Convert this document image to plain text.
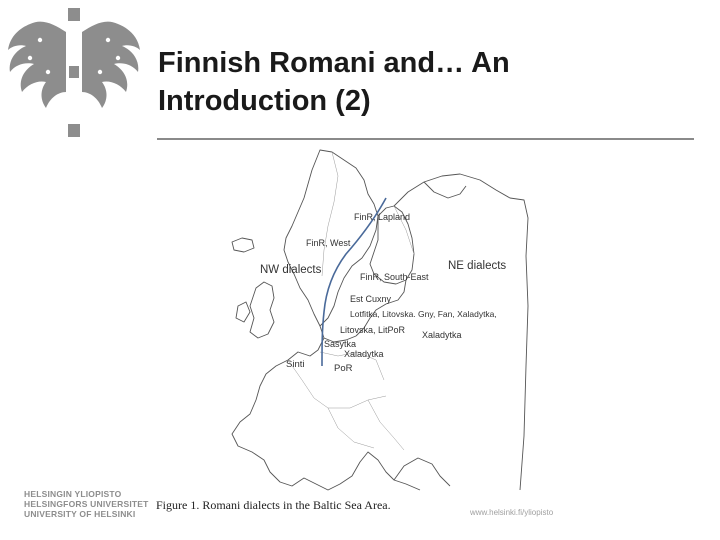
Finnish Romani and… An
Introduction (2)
FinR, Lapland
FinR, West
NW dialects	NE dialects
FinR, South-East
Est Cuxny
Lotfitka, Litovska. Gny, Fan, Xaladytka,
Xaladytka
Litovska, LitPoR
Sasytka
Xaladytka
Sinti	PoR
Figure 1. Romani dialects in the Baltic Sea Area.
HELSINGIN YLIOPISTO
HELSINGFORS UNIVERSITET
UNIVERSITY OF HELSINKI	www.helsinki.fi/yliopisto
